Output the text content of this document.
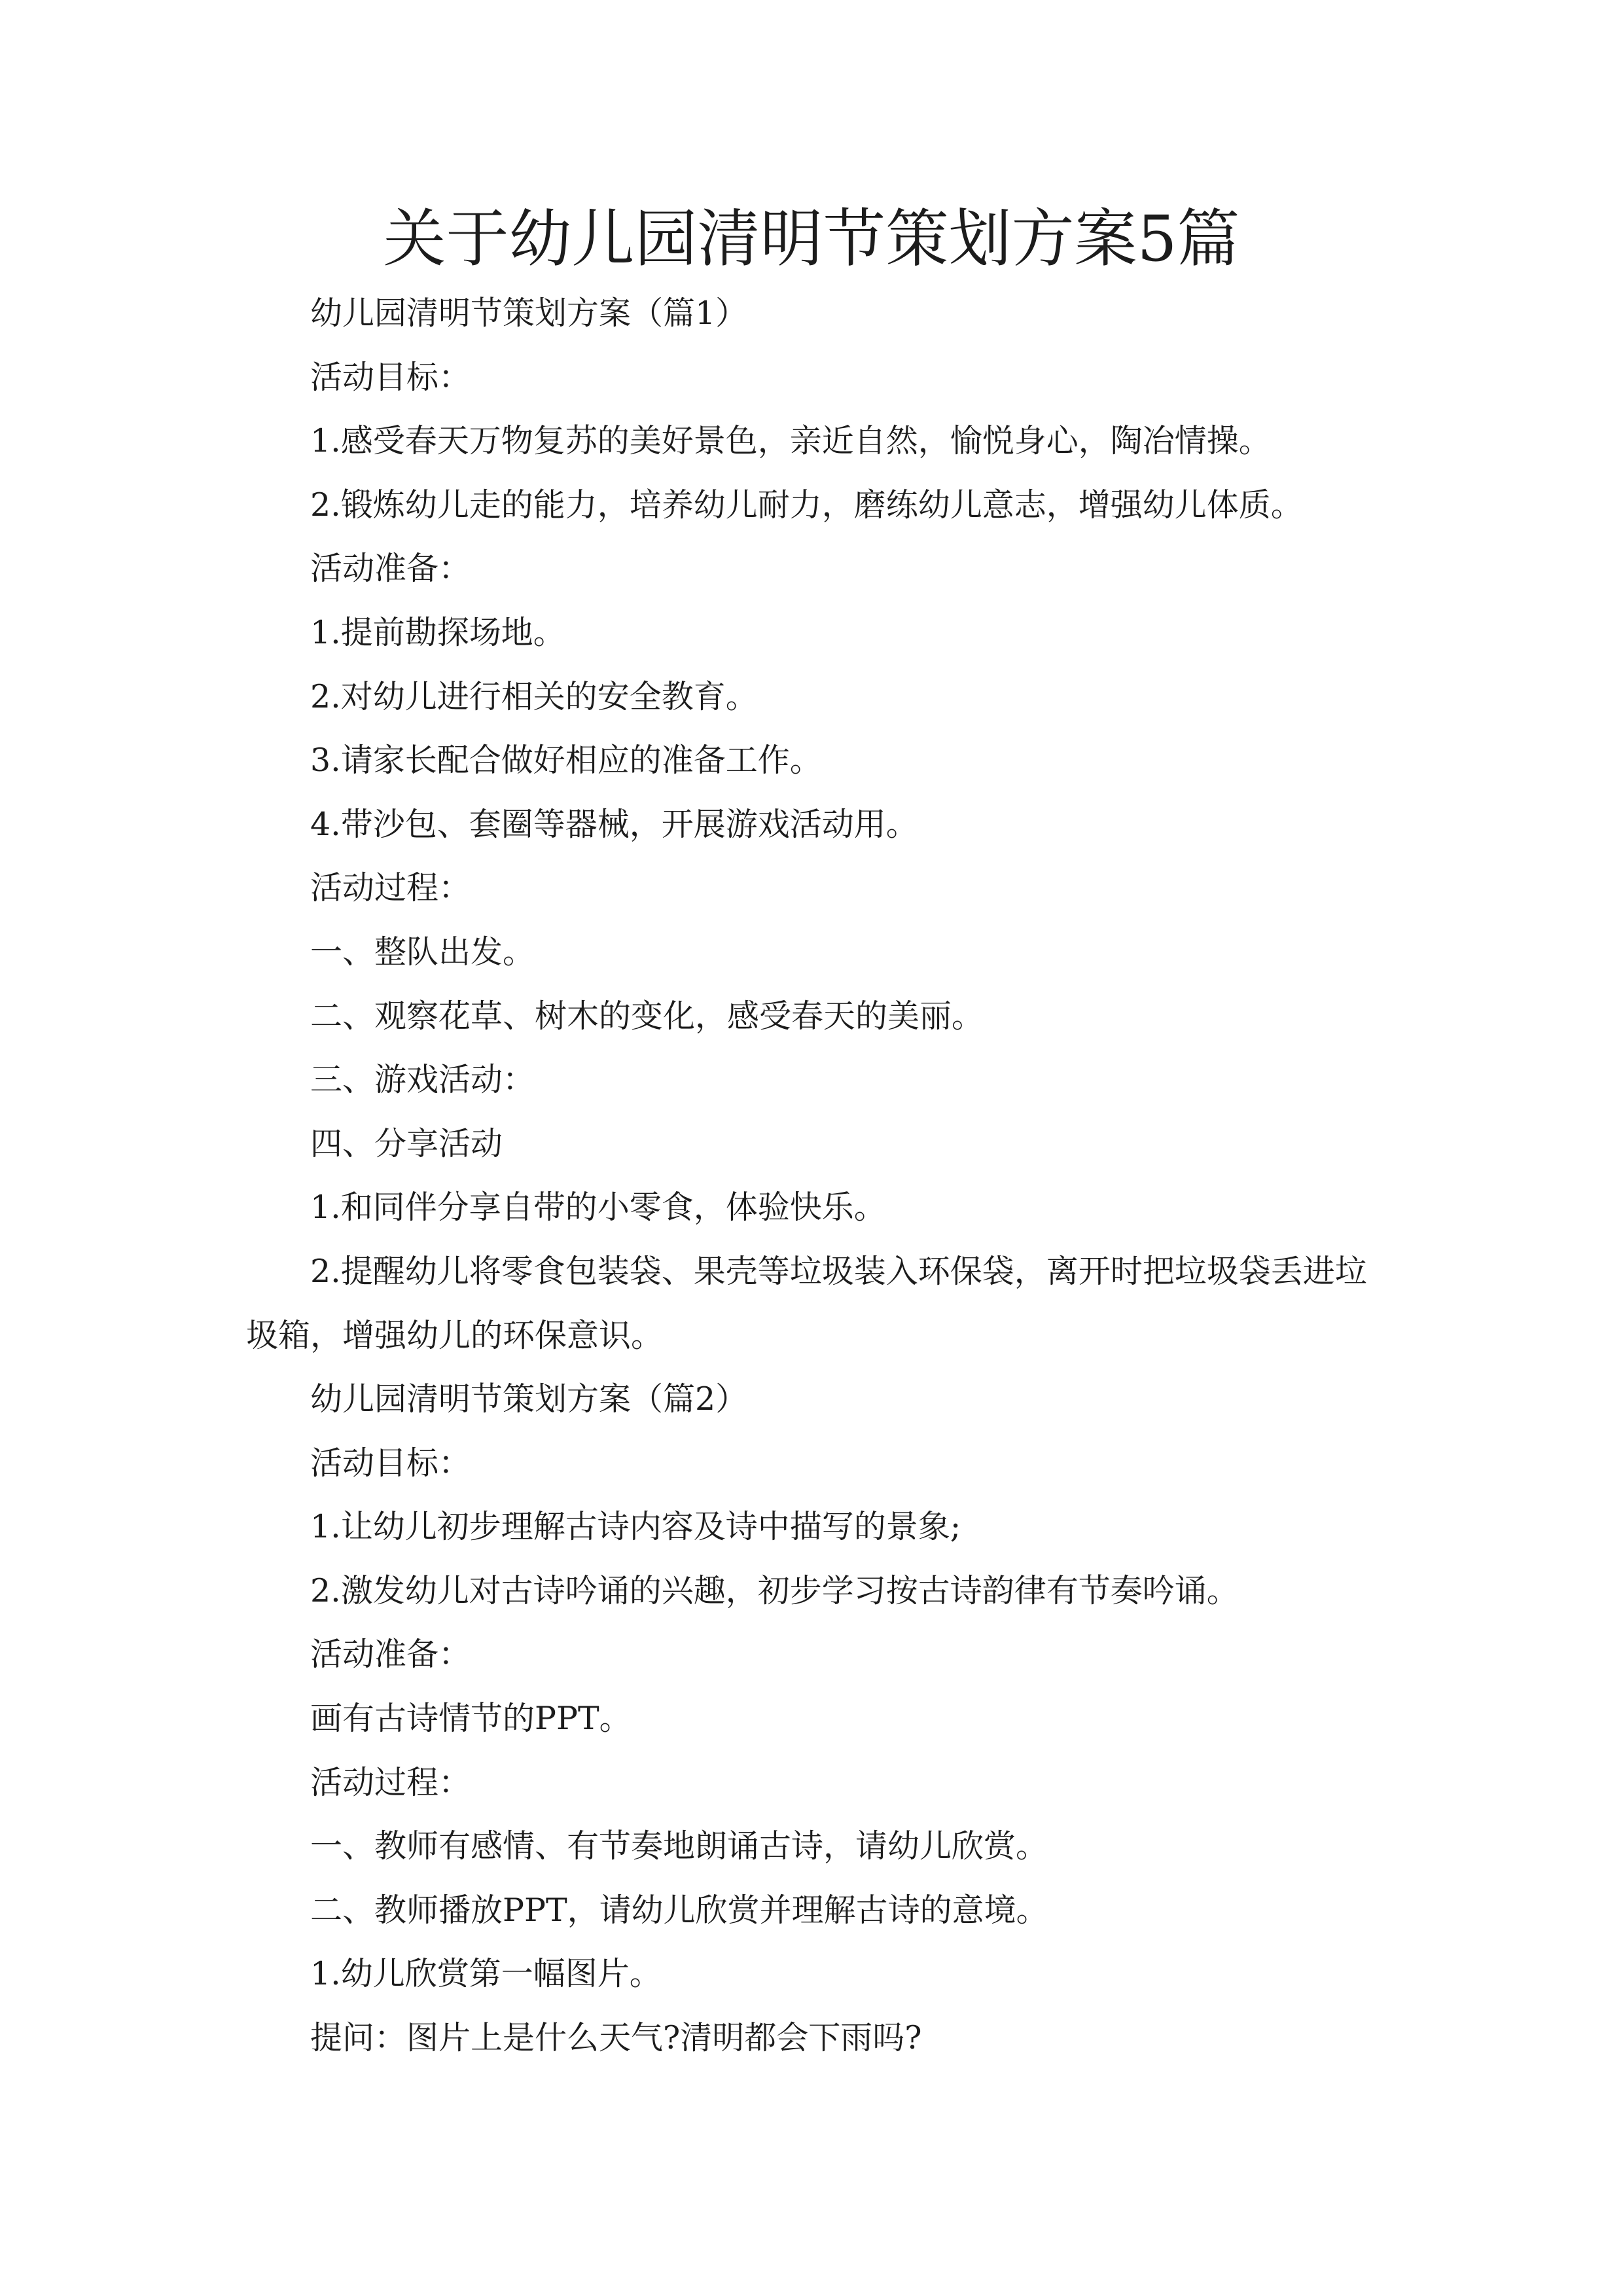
关于幼儿园清明节策划方案5篇

幼儿园清明节策划方案（篇1）

活动目标：

1.感受春天万物复苏的美好景色，亲近自然，愉悦身心，陶冶情操。

2.锻炼幼儿走的能力，培养幼儿耐力，磨练幼儿意志，增强幼儿体质。

活动准备：

1.提前勘探场地。

2.对幼儿进行相关的安全教育。

3.请家长配合做好相应的准备工作。

4.带沙包、套圈等器械，开展游戏活动用。

活动过程：

一、整队出发。

二、观察花草、树木的变化，感受春天的美丽。

三、游戏活动：

四、分享活动

1.和同伴分享自带的小零食，体验快乐。

2.提醒幼儿将零食包装袋、果壳等垃圾装入环保袋，离开时把垃圾袋丢进垃圾箱，增强幼儿的环保意识。

幼儿园清明节策划方案（篇2）

活动目标：

1.让幼儿初步理解古诗内容及诗中描写的景象;

2.激发幼儿对古诗吟诵的兴趣，初步学习按古诗韵律有节奏吟诵。

活动准备：

画有古诗情节的PPT。

活动过程：

一、教师有感情、有节奏地朗诵古诗，请幼儿欣赏。

二、教师播放PPT，请幼儿欣赏并理解古诗的意境。

1.幼儿欣赏第一幅图片。

提问：图片上是什么天气?清明都会下雨吗?
